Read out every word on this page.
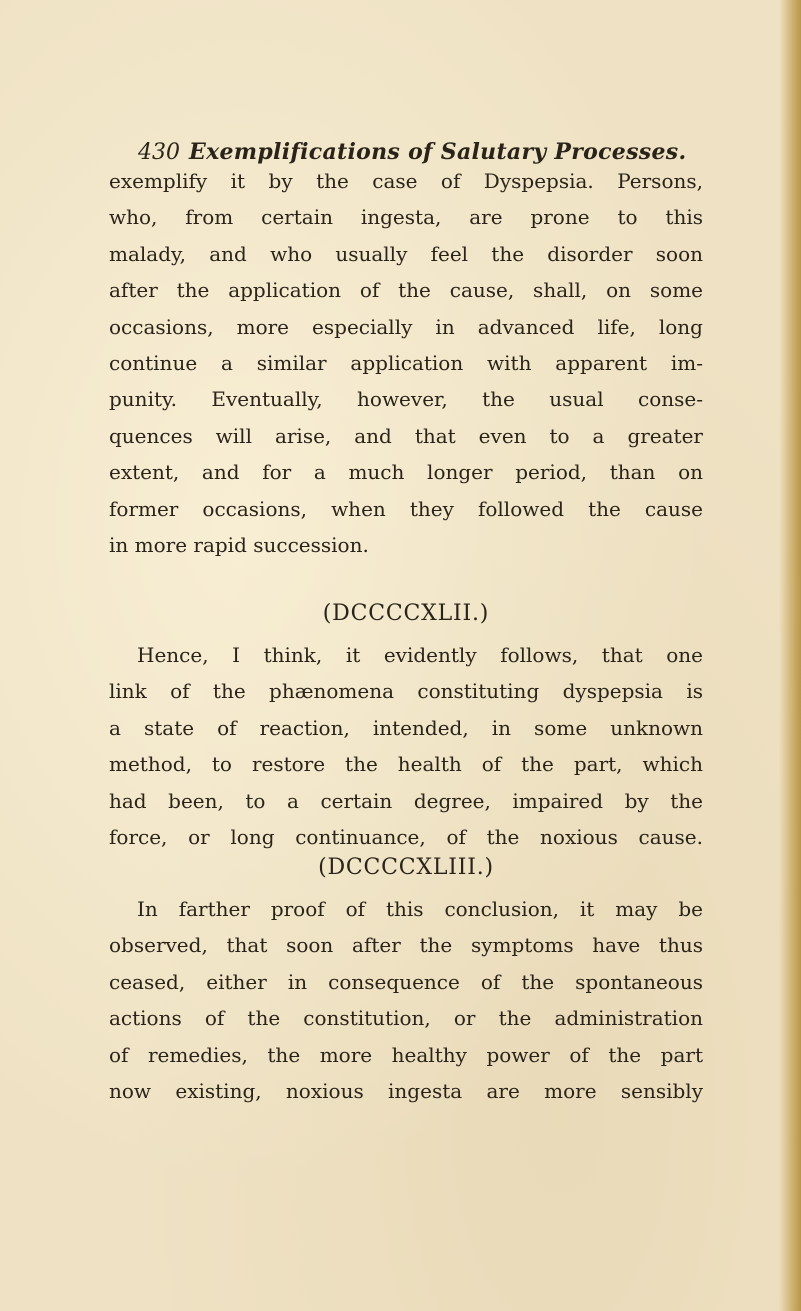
430 Exemplifications of Salutary Processes.
exemplify it by the case of Dyspepsia. Persons,
who, from certain ingesta, are prone to this
malady, and who usually feel the disorder soon
after the application of the cause, shall, on some
occasions, more especially in advanced life, long
continue a similar application with apparent im-
punity. Eventually, however, the usual conse-
quences will arise, and that even to a greater
extent, and for a much longer period, than on
former occasions, when they followed the cause
in more rapid succession.
(DCCCCXLII.)
Hence, I think, it evidently follows, that one
link of the phænomena constituting dyspepsia is
a state of reaction, intended, in some unknown
method, to restore the health of the part, which
had been, to a certain degree, impaired by the
force, or long continuance, of the noxious cause.
(DCCCCXLIII.)
In farther proof of this conclusion, it may be
observed, that soon after the symptoms have thus
ceased, either in consequence of the spontaneous
actions of the constitution, or the administration
of remedies, the more healthy power of the part
now existing, noxious ingesta are more sensibly
